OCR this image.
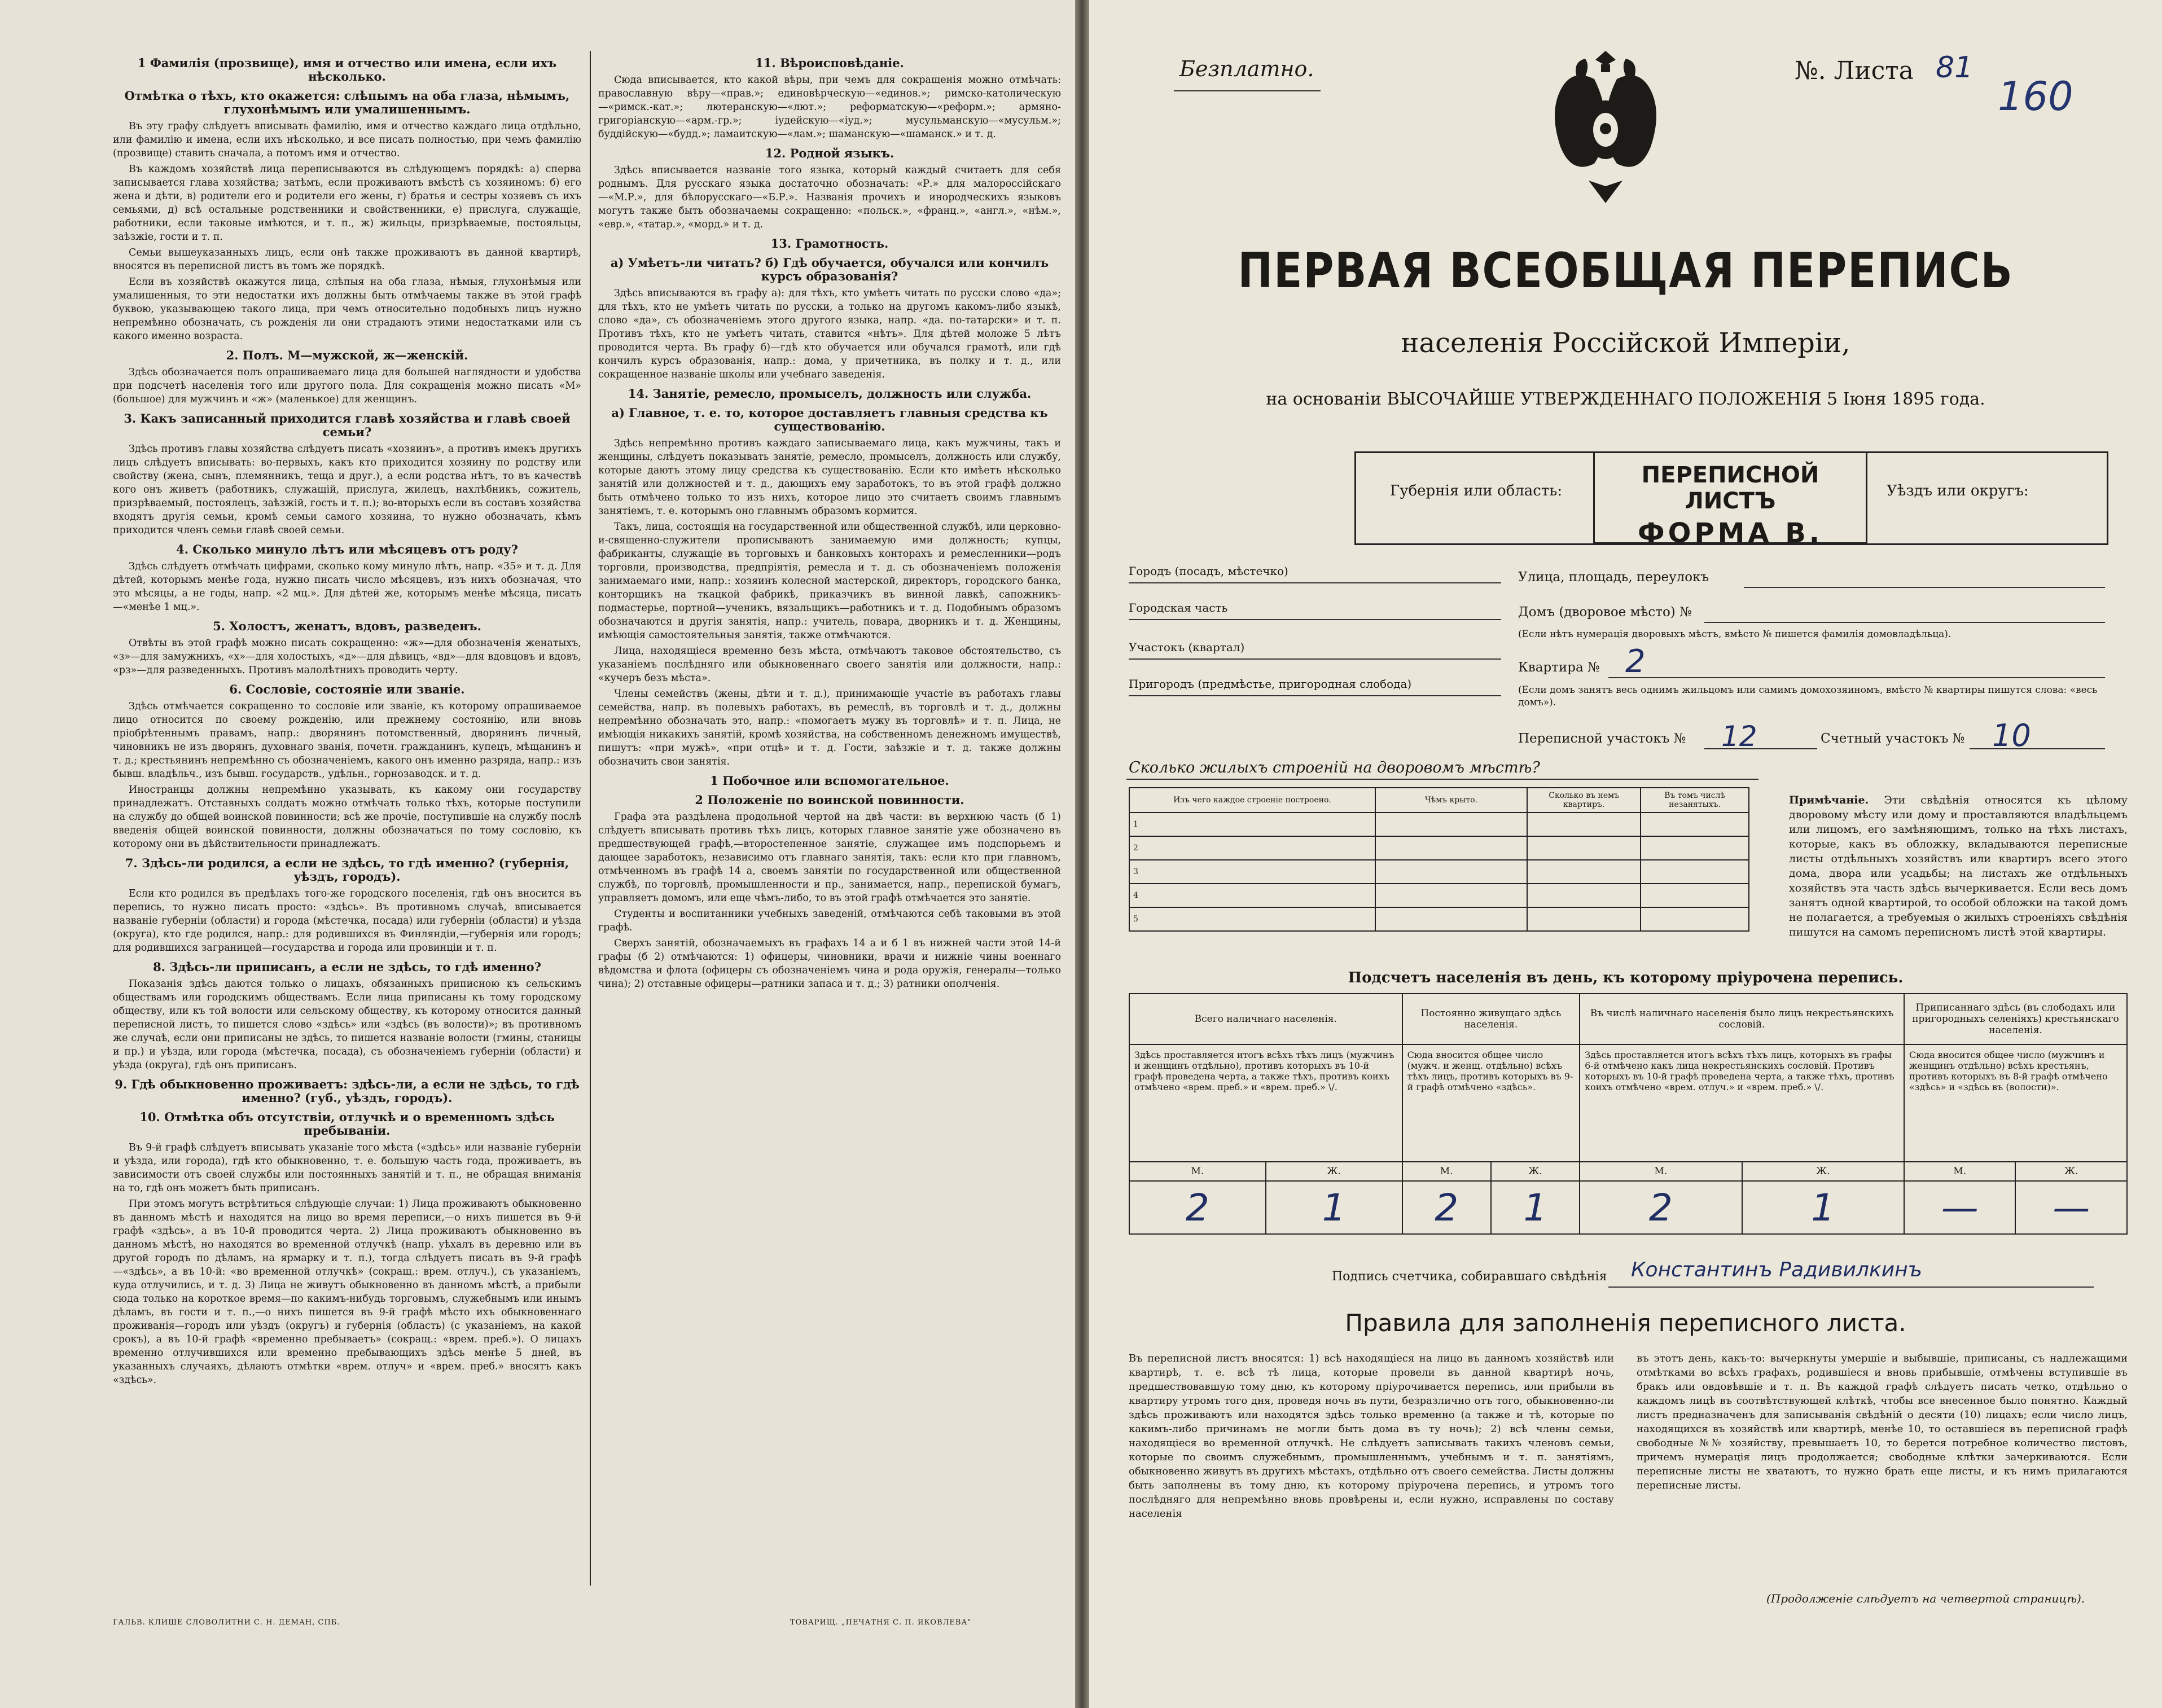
1 Фамилія (прозвище), имя и отчество или имена, если ихъ нѣсколько.
Отмѣтка о тѣхъ, кто окажется: слѣпымъ на оба глаза, нѣмымъ, глухонѣмымъ или умалишеннымъ.

Въ эту графу слѣдуетъ вписывать фамилію, имя и отчество каждаго лица отдѣльно, или фамилію и имена, если ихъ нѣсколько, и все писать полностью, при чемъ фамилію (прозвище) ставить сначала, а потомъ имя и отчество.

Въ каждомъ хозяйствѣ лица переписываются въ слѣдующемъ порядкѣ: а) сперва записывается глава хозяйства; затѣмъ, если проживаютъ вмѣстѣ съ хозяиномъ: б) его жена и дѣти, в) родители его и родители его жены, г) братья и сестры хозяевъ съ ихъ семьями, д) всѣ остальные родственники и свойственники, е) прислуга, служащіе, работники, если таковые имѣются, и т. п., ж) жильцы, призрѣваемые, постояльцы, заѣзжіе, гости и т. п.

Семьи вышеуказанныхъ лицъ, если онѣ также проживаютъ въ данной квартирѣ, вносятся въ переписной листъ въ томъ же порядкѣ.

Если въ хозяйствѣ окажутся лица, слѣпыя на оба глаза, нѣмыя, глухонѣмыя или умалишенныя, то эти недостатки ихъ должны быть отмѣчаемы также въ этой графѣ буквою, указывающею такого лица, при чемъ относительно подобныхъ лицъ нужно непремѣнно обозначать, съ рожденія ли они страдаютъ этими недостатками или съ какого именно возраста.

2. Полъ. М—мужской, ж—женскій.

Здѣсь обозначается полъ опрашиваемаго лица для большей наглядности и удобства при подсчетѣ населенія того или другого пола. Для сокращенія можно писать «М» (большое) для мужчинъ и «ж» (маленькое) для женщинъ.

3. Какъ записанный приходится главѣ хозяйства и главѣ своей семьи?

Здѣсь противъ главы хозяйства слѣдуетъ писать «хозяинъ», а противъ имекъ другихъ лицъ слѣдуетъ вписывать: во-первыхъ, какъ кто приходится хозяину по родству или свойству (жена, сынъ, племянникъ, теща и друг.), а если родства нѣтъ, то въ качествѣ кого онъ живетъ (работникъ, служащій, прислуга, жилецъ, нахлѣбникъ, сожитель, призрѣваемый, постоялецъ, заѣзжій, гость и т. п.); во-вторыхъ если въ составъ хозяйства входятъ другія семьи, кромѣ семьи самого хозяина, то нужно обозначать, кѣмъ приходится членъ семьи главѣ своей семьи.

4. Сколько минуло лѣтъ или мѣсяцевъ отъ роду?

Здѣсь слѣдуетъ отмѣчать цифрами, сколько кому минуло лѣтъ, напр. «35» и т. д. Для дѣтей, которымъ менѣе года, нужно писать число мѣсяцевъ, изъ нихъ обозначая, что это мѣсяцы, а не годы, напр. «2 мц.». Для дѣтей же, которымъ менѣе мѣсяца, писать—«менѣе 1 мц.».

5. Холостъ, женатъ, вдовъ, разведенъ.

Отвѣты въ этой графѣ можно писать сокращенно: «ж»—для обозначенія женатыхъ, «з»—для замужнихъ, «х»—для холостыхъ, «д»—для дѣвицъ, «вд»—для вдовцовъ и вдовъ, «рз»—для разведенныхъ. Противъ малолѣтнихъ проводить черту.

6. Сословіе, состояніе или званіе.

Здѣсь отмѣчается сокращенно то сословіе или званіе, къ которому опрашиваемое лицо относится по своему рожденію, или прежнему состоянію, или вновь пріобрѣтеннымъ правамъ, напр.: дворянинъ потомственный, дворянинъ личный, чиновникъ не изъ дворянъ, духовнаго званія, почетн. гражданинъ, купецъ, мѣщанинъ и т. д.; крестьянинъ непремѣнно съ обозначеніемъ, какого онъ именно разряда, напр.: изъ бывш. владѣльч., изъ бывш. государств., удѣльн., горнозаводск. и т. д.

Иностранцы должны непремѣнно указывать, къ какому они государству принадлежатъ. Отставныхъ солдатъ можно отмѣчать только тѣхъ, которые поступили на службу до общей воинской повинности; всѣ же прочіе, поступившіе на службу послѣ введенія общей воинской повинности, должны обозначаться по тому сословію, къ которому они въ дѣйствительности принадлежатъ.

7. Здѣсь-ли родился, а если не здѣсь, то гдѣ именно? (губернія, уѣздъ, городъ).

Если кто родился въ предѣлахъ того-же городского поселенія, гдѣ онъ вносится въ перепись, то нужно писать просто: «здѣсь». Въ противномъ случаѣ, вписывается названіе губерніи (области) и города (мѣстечка, посада) или губерніи (области) и уѣзда (округа), кто где родился, напр.: для родившихся въ Финляндіи,—губернія или городъ; для родившихся заграницей—государства и города или провинціи и т. п.

8. Здѣсь-ли приписанъ, а если не здѣсь, то гдѣ именно?

Показанія здѣсь даются только о лицахъ, обязанныхъ приписною къ сельскимъ обществамъ или городскимъ обществамъ. Если лица приписаны къ тому городскому обществу, или къ той волости или сельскому обществу, къ которому относится данный переписной листъ, то пишется слово «здѣсь» или «здѣсь (въ волости)»; въ противномъ же случаѣ, если они приписаны не здѣсь, то пишется названіе волости (гмины, станицы и пр.) и уѣзда, или города (мѣстечка, посада), съ обозначеніемъ губерніи (области) и уѣзда (округа), гдѣ онъ приписанъ.

9. Гдѣ обыкновенно проживаетъ: здѣсь-ли, а если не здѣсь, то гдѣ именно? (губ., уѣздъ, городъ).
10. Отмѣтка объ отсутствіи, отлучкѣ и о временномъ здѣсь пребываніи.

Въ 9-й графѣ слѣдуетъ вписывать указаніе того мѣста («здѣсь» или названіе губерніи и уѣзда, или города), гдѣ кто обыкновенно, т. е. большую часть года, проживаетъ, въ зависимости отъ своей службы или постоянныхъ занятій и т. п., не обращая вниманія на то, гдѣ онъ можетъ быть приписанъ.

При этомъ могутъ встрѣтиться слѣдующіе случаи: 1) Лица проживаютъ обыкновенно въ данномъ мѣстѣ и находятся на лицо во время переписи,—о нихъ пишется въ 9-й графѣ «здѣсь», а въ 10-й проводится черта. 2) Лица проживаютъ обыкновенно въ данномъ мѣстѣ, но находятся во временной отлучкѣ (напр. уѣхалъ въ деревню или въ другой городъ по дѣламъ, на ярмарку и т. п.), тогда слѣдуетъ писать въ 9-й графѣ—«здѣсь», а въ 10-й: «во временной отлучкѣ» (сокращ.: врем. отлуч.), съ указаніемъ, куда отлучились, и т. д. 3) Лица не живутъ обыкновенно въ данномъ мѣстѣ, а прибыли сюда только на короткое время—по какимъ-нибудь торговымъ, служебнымъ или инымъ дѣламъ, въ гости и т. п.,—о нихъ пишется въ 9-й графѣ мѣсто ихъ обыкновеннаго проживанія—городъ или уѣздъ (округъ) и губернія (область) (с указаніемъ, на какой срокъ), а въ 10-й графѣ «временно пребываетъ» (сокращ.: «врем. преб.»). О лицахъ временно отлучившихся или временно пребывающихъ здѣсь менѣе 5 дней, въ указанныхъ случаяхъ, дѣлаютъ отмѣтки «врем. отлуч» и «врем. преб.» вносятъ какъ «здѣсь».

11. Вѣроисповѣданіе.

Сюда вписывается, кто какой вѣры, при чемъ для сокращенія можно отмѣчать: православную вѣру—«прав.»; единовѣрческую—«единов.»; римско-католическую—«римск.-кат.»; лютеранскую—«лют.»; реформатскую—«реформ.»; армяно-григоріанскую—«арм.-гр.»; іудейскую—«іуд.»; мусульманскую—«мусульм.»; буддійскую—«будд.»; ламаитскую—«лам.»; шаманскую—«шаманск.» и т. д.

12. Родной языкъ.

Здѣсь вписывается названіе того языка, который каждый считаетъ для себя роднымъ. Для русскаго языка достаточно обозначать: «Р.» для малороссійскаго—«М.Р.», для бѣлорусскаго—«Б.Р.». Названія прочихъ и инородческихъ языковъ могутъ также быть обозначаемы сокращенно: «польск.», «франц.», «англ.», «нѣм.», «евр.», «татар.», «морд.» и т. д.

13. Грамотность.
а) Умѣетъ-ли читать? б) Гдѣ обучается, обучался или кончилъ курсъ образованія?

Здѣсь вписываются въ графу а): для тѣхъ, кто умѣетъ читать по русски слово «да»; для тѣхъ, кто не умѣетъ читать по русски, а только на другомъ какомъ-либо языкѣ, слово «да», съ обозначеніемъ этого другого языка, напр. «да. по-татарски» и т. п. Противъ тѣхъ, кто не умѣетъ читать, ставится «нѣтъ». Для дѣтей моложе 5 лѣтъ проводится черта. Въ графу б)—гдѣ кто обучается или обучался грамотѣ, или гдѣ кончилъ курсъ образованія, напр.: дома, у причетника, въ полку и т. д., или сокращенное названіе школы или учебнаго заведенія.

14. Занятіе, ремесло, промыселъ, должность или служба.
а) Главное, т. е. то, которое доставляетъ главныя средства къ существованію.

Здѣсь непремѣнно противъ каждаго записываемаго лица, какъ мужчины, такъ и женщины, слѣдуетъ показывать занятіе, ремесло, промыселъ, должность или службу, которые даютъ этому лицу средства къ существованію. Если кто имѣетъ нѣсколько занятій или должностей и т. д., дающихъ ему заработокъ, то въ этой графѣ должно быть отмѣчено только то изъ нихъ, которое лицо это считаетъ своимъ главнымъ занятіемъ, т. е. которымъ оно главнымъ образомъ кормится.

Такъ, лица, состоящія на государственной или общественной службѣ, или церковно-и-священно-служители прописываютъ занимаемую ими должность; купцы, фабриканты, служащіе въ торговыхъ и банковыхъ конторахъ и ремесленники—родъ торговли, производства, предпріятія, ремесла и т. д. съ обозначеніемъ положенія занимаемаго ими, напр.: хозяинъ колесной мастерской, директоръ, городского банка, конторщикъ на ткацкой фабрикѣ, приказчикъ въ винной лавкѣ, сапожникъ-подмастерье, портной—ученикъ, вязальщикъ—работникъ и т. д. Подобнымъ образомъ обозначаются и другія занятія, напр.: учитель, повара, дворникъ и т. д. Женщины, имѣющія самостоятельныя занятія, также отмѣчаются.

Лица, находящіеся временно безъ мѣста, отмѣчаютъ таковое обстоятельство, съ указаніемъ послѣдняго или обыкновеннаго своего занятія или должности, напр.: «кучеръ безъ мѣста».

Члены семействъ (жены, дѣти и т. д.), принимающіе участіе въ работахъ главы семейства, напр. въ полевыхъ работахъ, въ ремеслѣ, въ торговлѣ и т. д., должны непремѣнно обозначать это, напр.: «помогаетъ мужу въ торговлѣ» и т. п. Лица, не имѣющія никакихъ занятій, кромѣ хозяйства, на собственномъ денежномъ имуществѣ, пишутъ: «при мужѣ», «при отцѣ» и т. д. Гости, заѣзжіе и т. д. также должны обозначить свои занятія.

1 Побочное или вспомогательное.
2 Положеніе по воинской повинности.

Графа эта раздѣлена продольной чертой на двѣ части: въ верхнюю часть (б 1) слѣдуетъ вписывать противъ тѣхъ лицъ, которых главное занятіе уже обозначено въ предшествующей графѣ,—второстепенное занятіе, служащее имъ подспорьемъ и дающее заработокъ, независимо отъ главнаго занятія, такъ: если кто при главномъ, отмѣченномъ въ графѣ 14 а, своемъ занятіи по государственной или общественной службѣ, по торговлѣ, промышленности и пр., занимается, напр., перепиской бумагъ, управляетъ домомъ, или еще чѣмъ-либо, то въ этой графѣ отмѣчается это занятіе.

Студенты и воспитанники учебныхъ заведеній, отмѣчаются себѣ таковыми въ этой графѣ.

Сверхъ занятій, обозначаемыхъ въ графахъ 14 а и б 1 въ нижней части этой 14-й графы (б 2) отмѣчаются: 1) офицеры, чиновники, врачи и нижніе чины военнаго вѣдомства и флота (офицеры съ обозначеніемъ чина и рода оружія, генералы—только чина); 2) отставные офицеры—ратники запаса и т. д.; 3) ратники ополченія.

ГАЛЬВ. КЛИШЕ СЛОВОЛИТНИ С. Н. ДЕМАН, СПБ.	ТОВАРИЩ. „ПЕЧАТНЯ С. П. ЯКОВЛЕВА"
Безплатно.	№. Листа 81
160
ПЕРВАЯ ВСЕОБЩАЯ ПЕРЕПИСЬ
населенія Россійской Имперіи,
на основаніи ВЫСОЧАЙШЕ УТВЕРЖДЕННАГО ПОЛОЖЕНІЯ 5 Іюня 1895 года.
ПЕРЕПИСНОЙ ЛИСТЪ
ФОРМА В.
Губернія или область:	Уѣздъ или округъ:
Городъ (посадъ, мѣстечко)
Городская часть
Участокъ (квартал)
Пригородъ (предмѣстье, пригородная слобода)
Улица, площадь, переулокъ
Домъ (дворовое мѣсто) №
(Если нѣтъ нумерація дворовыхъ мѣстъ, вмѣсто № пишется фамилія домовладѣльца).
Квартира № 2
(Если домъ занятъ весь однимъ жильцомъ или самимъ домохозяиномъ, вмѣсто № квартиры пишутся слова: «весь домъ»).
Переписной участокъ № 12	Счетный участокъ № 10
Сколько жилыхъ строеній на дворовомъ мѣстѣ?
Изъ чего каждое строеніе построено.	Чѣмъ крыто.	Сколько въ немъ квартиръ.	Въ томъ числѣ незанятыхъ.
1			
2			
3			
4			
5			
Примѣчаніе. Эти свѣдѣнія относятся къ цѣлому дворовому мѣсту или дому и проставляются владѣльцемъ или лицомъ, его замѣняющимъ, только на тѣхъ листахъ, которые, какъ въ обложку, вкладываются переписные листы отдѣльныхъ хозяйствъ или квартиръ всего этого дома, двора или усадьбы; на листахъ же отдѣльныхъ хозяйствъ эта часть здѣсь вычеркивается. Если весь домъ занятъ одной квартирой, то особой обложки на такой домъ не полагается, а требуемыя о жилыхъ строеніяхъ свѣдѣнія пишутся на самомъ переписномъ листѣ этой квартиры.
Подсчетъ населенія въ день, къ которому пріурочена перепись.
Всего наличнаго населенія.		Постоянно живущаго здѣсь населенія.		Въ числѣ наличнаго населенія было лицъ некрестьянскихъ сословій.		Приписаннаго здѣсь (въ слободахъ или пригородныхъ селеніяхъ) крестьянскаго населенія.	
Здѣсь проставляется итогъ всѣхъ тѣхъ лицъ (мужчинъ и женщинъ отдѣльно), противъ которыхъ въ 10-й графѣ проведена черта, а также тѣхъ, противъ коихъ отмѣчено «врем. преб.» и «врем. преб.» \/.		Сюда вносится общее число (мужч. и женщ. отдѣльно) всѣхъ тѣхъ лицъ, противъ которыхъ въ 9-й графѣ отмѣчено «здѣсь».		Здѣсь проставляется итогъ всѣхъ тѣхъ лицъ, которыхъ въ графы 6-й отмѣчено какъ лица некрестьянскихъ сословій. Противъ которыхъ въ 10-й графѣ проведена черта, а также тѣхъ, противъ коихъ отмѣчено «врем. отлуч.» и «врем. преб.» \/.		Сюда вносится общее число (мужчинъ и женщинъ отдѣльно) всѣхъ крестьянъ, противъ которыхъ въ 8-й графѣ отмѣчено «здѣсь» и «здѣсь въ (волости)».	
М.	Ж.	М.	Ж.	М.	Ж.	М.	Ж.
2	1	2	1	2	1	—	—
Подпись счетчика, собиравшаго свѣдѣнія Константинъ Радивилкинъ
Правила для заполненія переписного листа.
Въ переписной листъ вносятся: 1) всѣ находящіеся на лицо въ данномъ хозяйствѣ или квартирѣ, т. е. всѣ тѣ лица, которые провели въ данной квартирѣ ночь, предшествовавшую тому дню, къ которому пріурочивается перепись, или прибыли въ квартиру утромъ того дня, проведя ночь въ пути, безразлично отъ того, обыкновенно-ли здѣсь проживаютъ или находятся здѣсь только временно (а также и тѣ, которые по какимъ-либо причинамъ не могли быть дома въ ту ночь); 2) всѣ члены семьи, находящіеся во временной отлучкѣ. Не слѣдуетъ записывать такихъ членовъ семьи, которые по своимъ служебнымъ, промышленнымъ, учебнымъ и т. п. занятіямъ, обыкновенно живутъ въ другихъ мѣстахъ, отдѣльно отъ своего семейства. Листы должны быть заполнены въ тому дню, къ которому пріурочена перепись, и утромъ того послѣдняго для непремѣнно вновь провѣрены и, если нужно, исправлены по составу населенія
въ этотъ день, какъ-то: вычеркнуты умершіе и выбывшіе, приписаны, съ надлежащими отмѣтками во всѣхъ графахъ, родившіеся и вновь прибывшіе, отмѣчены вступившіе въ бракъ или овдовѣвшіе и т. п. Въ каждой графѣ слѣдуетъ писать четко, отдѣльно о каждомъ лицѣ въ соотвѣтствующей клѣткѣ, чтобы все внесенное было понятно. Каждый листъ предназначенъ для записыванія свѣдѣній о десяти (10) лицахъ; если число лицъ, находящихся въ хозяйствѣ или квартирѣ, менѣе 10, то оставшіеся въ переписной графѣ свободные №№ хозяйству, превышаетъ 10, то берется потребное количество листовъ, причемъ нумерація лицъ продолжается; свободные клѣтки зачеркиваются. Если переписные листы не хватаютъ, то нужно брать еще листы, и къ нимъ прилагаются переписные листы.
(Продолженіе слѣдуетъ на четвертой страницѣ).
